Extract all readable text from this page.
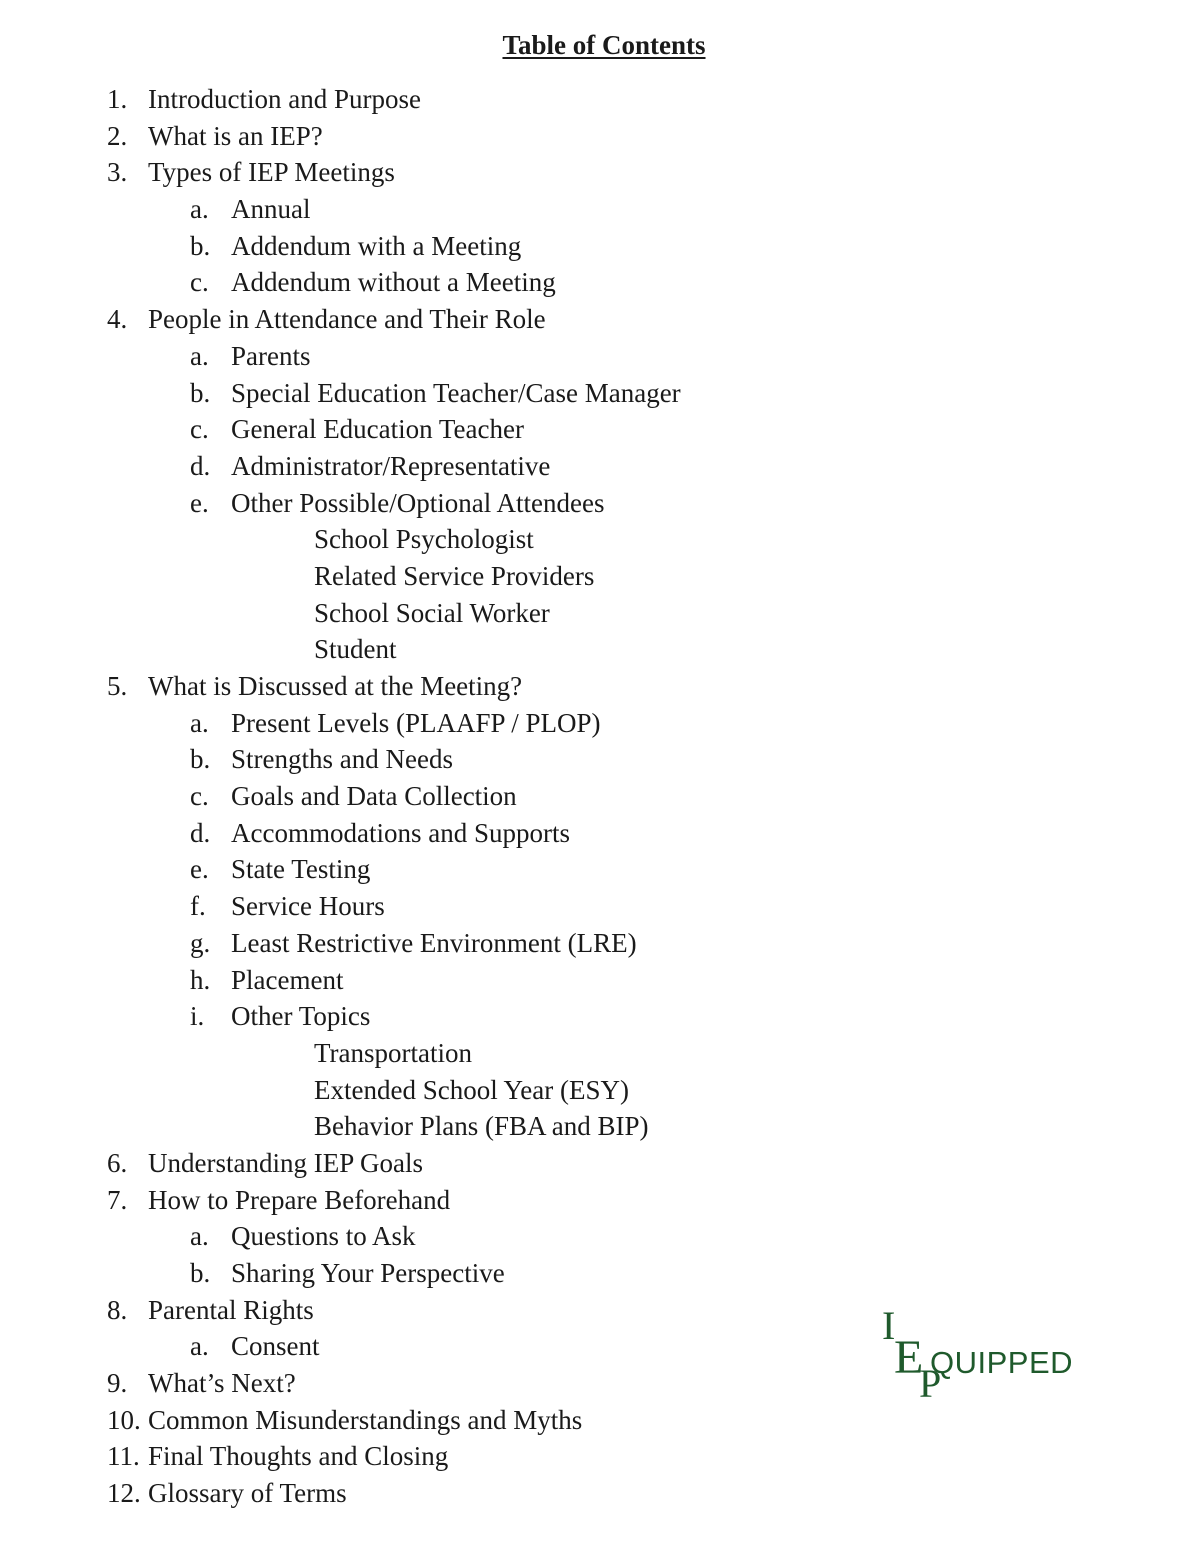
Table of Contents
1. Introduction and Purpose
2. What is an IEP?
3. Types of IEP Meetings
a. Annual
b. Addendum with a Meeting
c. Addendum without a Meeting
4. People in Attendance and Their Role
a. Parents
b. Special Education Teacher/Case Manager
c. General Education Teacher
d. Administrator/Representative
e. Other Possible/Optional Attendees
School Psychologist
Related Service Providers
School Social Worker
Student
5. What is Discussed at the Meeting?
a. Present Levels (PLAAFP / PLOP)
b. Strengths and Needs
c. Goals and Data Collection
d. Accommodations and Supports
e. State Testing
f. Service Hours
g. Least Restrictive Environment (LRE)
h. Placement
i. Other Topics
Transportation
Extended School Year (ESY)
Behavior Plans (FBA and BIP)
6. Understanding IEP Goals
7. How to Prepare Beforehand
a. Questions to Ask
b. Sharing Your Perspective
8. Parental Rights
a. Consent
9. What’s Next?
10. Common Misunderstandings and Myths
11. Final Thoughts and Closing
12. Glossary of Terms
I
E QUIPPED
P
